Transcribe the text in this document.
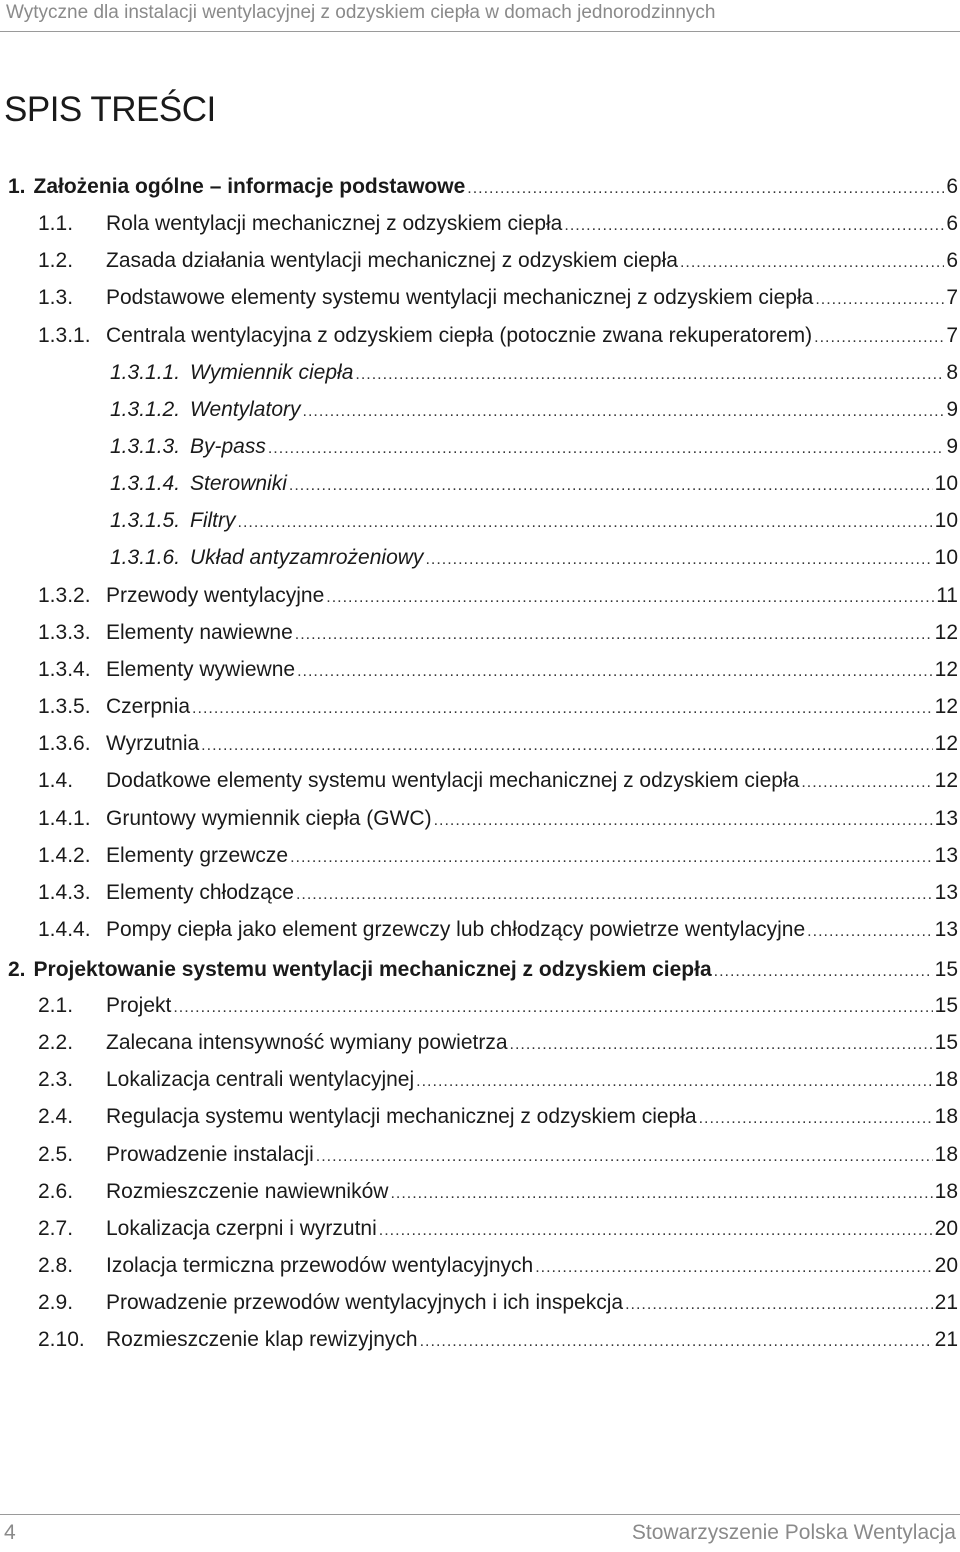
Wytyczne dla instalacji wentylacyjnej z odzyskiem ciepła w domach jednorodzinnych
SPIS TREŚCI
1. Założenia ogólne – informacje podstawowe .....	6
1.1. Rola wentylacji mechanicznej z odzyskiem ciepła .....	6
1.2. Zasada działania wentylacji mechanicznej z odzyskiem ciepła .....	6
1.3. Podstawowe elementy systemu wentylacji mechanicznej z odzyskiem ciepła .....	7
1.3.1. Centrala wentylacyjna z odzyskiem ciepła (potocznie zwana rekuperatorem) .....	7
1.3.1.1. Wymiennik ciepła .....	8
1.3.1.2. Wentylatory .....	9
1.3.1.3. By-pass .....	9
1.3.1.4. Sterowniki .....	10
1.3.1.5. Filtry .....	10
1.3.1.6. Układ antyzamrożeniowy .....	10
1.3.2. Przewody wentylacyjne .....	11
1.3.3. Elementy nawiewne .....	12
1.3.4. Elementy wywiewne .....	12
1.3.5. Czerpnia .....	12
1.3.6. Wyrzutnia .....	12
1.4. Dodatkowe elementy systemu wentylacji mechanicznej z odzyskiem ciepła .....	12
1.4.1. Gruntowy wymiennik ciepła (GWC) .....	13
1.4.2. Elementy grzewcze .....	13
1.4.3. Elementy chłodzące .....	13
1.4.4. Pompy ciepła jako element grzewczy lub chłodzący powietrze wentylacyjne .....	13
2. Projektowanie systemu wentylacji mechanicznej z odzyskiem ciepła .....	15
2.1. Projekt .....	15
2.2. Zalecana intensywność wymiany powietrza .....	15
2.3. Lokalizacja centrali wentylacyjnej .....	18
2.4. Regulacja systemu wentylacji mechanicznej z odzyskiem ciepła .....	18
2.5. Prowadzenie instalacji .....	18
2.6. Rozmieszczenie nawiewników .....	18
2.7. Lokalizacja czerpni i wyrzutni .....	20
2.8. Izolacja termiczna przewodów wentylacyjnych .....	20
2.9. Prowadzenie przewodów wentylacyjnych i ich inspekcja .....	21
2.10. Rozmieszczenie klap rewizyjnych .....	21
4	Stowarzyszenie Polska Wentylacja
